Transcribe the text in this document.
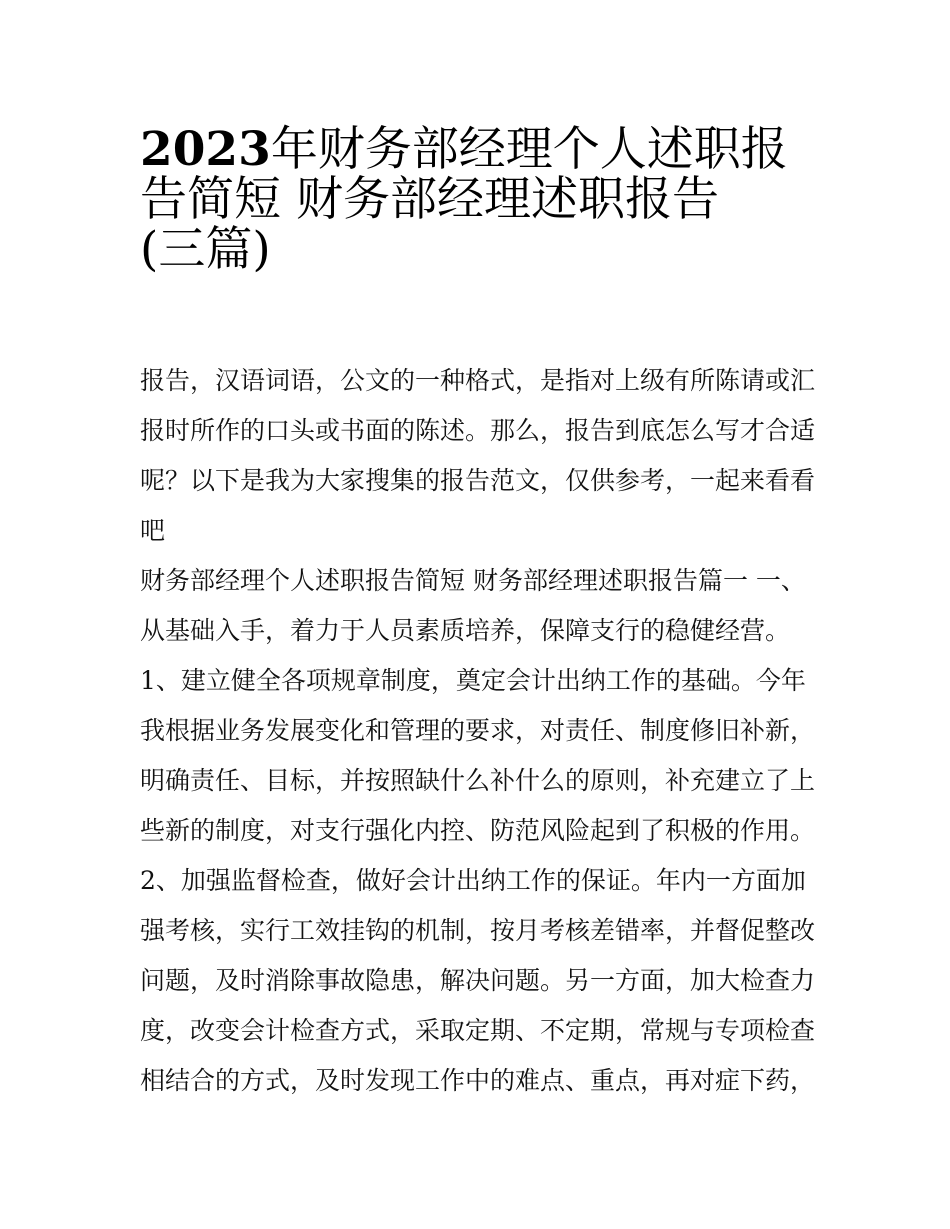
2023年财务部经理个人述职报
告简短 财务部经理述职报告
(三篇)
报告，汉语词语，公文的一种格式，是指对上级有所陈请或汇
报时所作的口头或书面的陈述。那么，报告到底怎么写才合适
呢？以下是我为大家搜集的报告范文，仅供参考，一起来看看
吧
财务部经理个人述职报告简短 财务部经理述职报告篇一 一、
从基础入手，着力于人员素质培养，保障支行的稳健经营。
1、建立健全各项规章制度，奠定会计出纳工作的基础。今年
我根据业务发展变化和管理的要求，对责任、制度修旧补新，
明确责任、目标，并按照缺什么补什么的原则，补充建立了上
些新的制度，对支行强化内控、防范风险起到了积极的作用。
2、加强监督检查，做好会计出纳工作的保证。年内一方面加
强考核，实行工效挂钩的机制，按月考核差错率，并督促整改
问题，及时消除事故隐患，解决问题。另一方面，加大检查力
度，改变会计检查方式，采取定期、不定期，常规与专项检查
相结合的方式，及时发现工作中的难点、重点，再对症下药，
